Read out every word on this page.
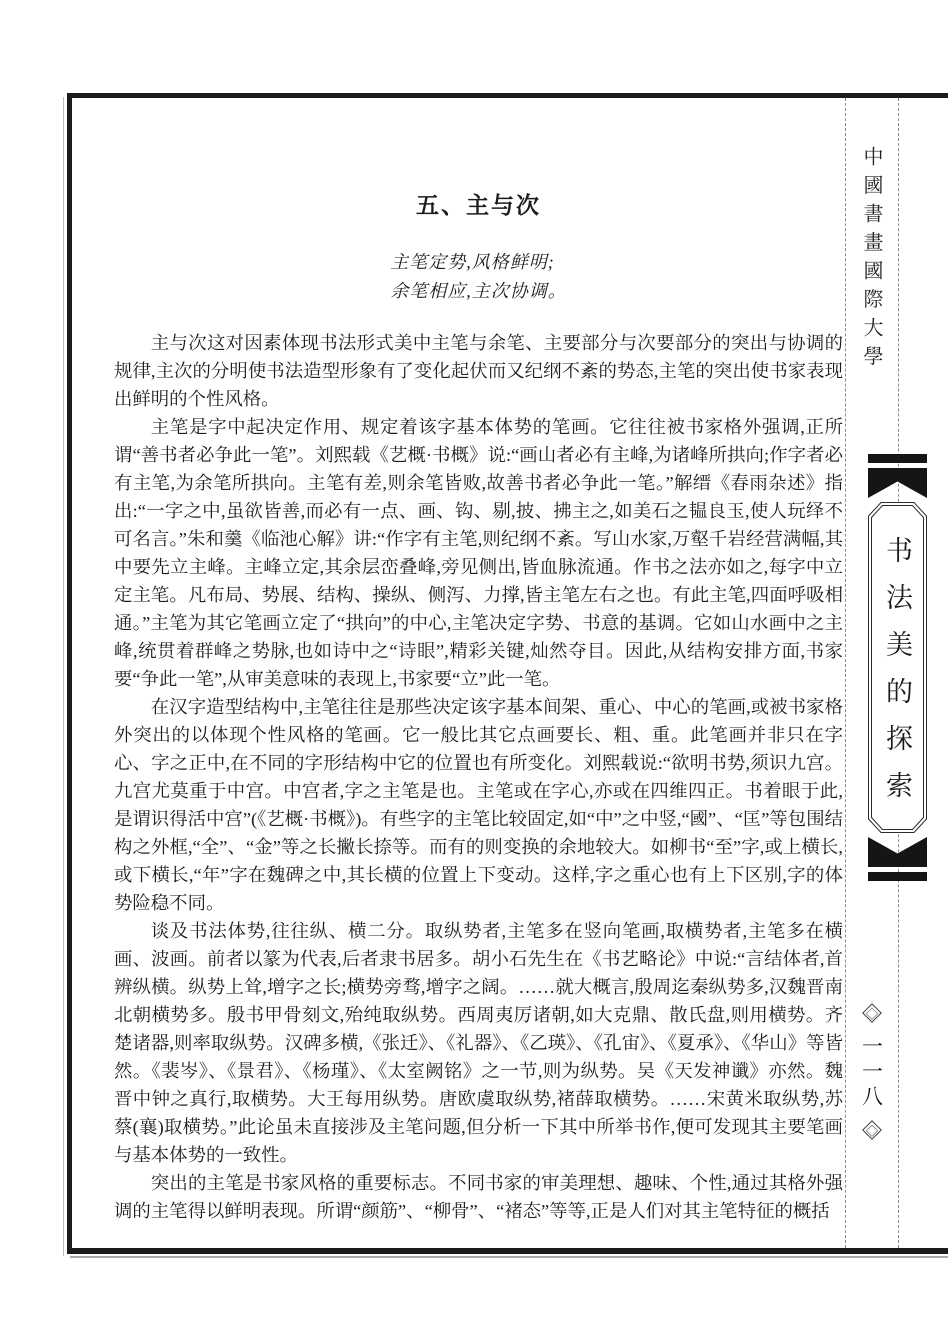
五、主与次
主笔定势,风格鲜明;
余笔相应,主次协调。

主与次这对因素体现书法形式美中主笔与余笔、主要部分与次要部分的突出与协调的规律,主次的分明使书法造型形象有了变化起伏而又纪纲不紊的势态,主笔的突出使书家表现出鲜明的个性风格。

主笔是字中起决定作用、规定着该字基本体势的笔画。它往往被书家格外强调,正所谓“善书者必争此一笔”。刘熙载《艺概·书概》说:“画山者必有主峰,为诸峰所拱向;作字者必有主笔,为余笔所拱向。主笔有差,则余笔皆败,故善书者必争此一笔。”解缙《春雨杂述》指出:“一字之中,虽欲皆善,而必有一点、画、钩、剔,披、拂主之,如美石之韫良玉,使人玩绎不可名言。”朱和羹《临池心解》讲:“作字有主笔,则纪纲不紊。写山水家,万壑千岩经营满幅,其中要先立主峰。主峰立定,其余层峦叠峰,旁见侧出,皆血脉流通。作书之法亦如之,每字中立定主笔。凡布局、势展、结构、操纵、侧泻、力撑,皆主笔左右之也。有此主笔,四面呼吸相通。”主笔为其它笔画立定了“拱向”的中心,主笔决定字势、书意的基调。它如山水画中之主峰,统贯着群峰之势脉,也如诗中之“诗眼”,精彩关键,灿然夺目。因此,从结构安排方面,书家要“争此一笔”,从审美意味的表现上,书家要“立”此一笔。

在汉字造型结构中,主笔往往是那些决定该字基本间架、重心、中心的笔画,或被书家格外突出的以体现个性风格的笔画。它一般比其它点画要长、粗、重。此笔画并非只在字心、字之正中,在不同的字形结构中它的位置也有所变化。刘熙载说:“欲明书势,须识九宫。九宫尤莫重于中宫。中宫者,字之主笔是也。主笔或在字心,亦或在四维四正。书着眼于此,是谓识得活中宫”(《艺概·书概》)。有些字的主笔比较固定,如“中”之中竖,“國”、“匡”等包围结构之外框,“全”、“金”等之长撇长捺等。而有的则变换的余地较大。如柳书“至”字,或上横长,或下横长,“年”字在魏碑之中,其长横的位置上下变动。这样,字之重心也有上下区别,字的体势险稳不同。

谈及书法体势,往往纵、横二分。取纵势者,主笔多在竖向笔画,取横势者,主笔多在横画、波画。前者以篆为代表,后者隶书居多。胡小石先生在《书艺略论》中说:“言结体者,首辨纵横。纵势上耸,增字之长;横势旁骛,增字之阔。……就大概言,殷周迄秦纵势多,汉魏晋南北朝横势多。殷书甲骨刻文,殆纯取纵势。西周夷厉诸朝,如大克鼎、散氏盘,则用横势。齐楚诸器,则率取纵势。汉碑多横,《张迁》、《礼器》、《乙瑛》、《孔宙》、《夏承》、《华山》等皆然。《裴岑》、《景君》、《杨瑾》、《太室阙铭》之一节,则为纵势。吴《天发神谶》亦然。魏晋中钟之真行,取横势。大王每用纵势。唐欧虞取纵势,褚薛取横势。……宋黄米取纵势,苏蔡(襄)取横势。”此论虽未直接涉及主笔问题,但分析一下其中所举书作,便可发现其主要笔画与基本体势的一致性。

突出的主笔是书家风格的重要标志。不同书家的审美理想、趣味、个性,通过其格外强调的主笔得以鲜明表现。所谓“颜筋”、“柳骨”、“褚态”等等,正是人们对其主笔特征的概括

中國書畫國際大學
书法美的探索
一一八
